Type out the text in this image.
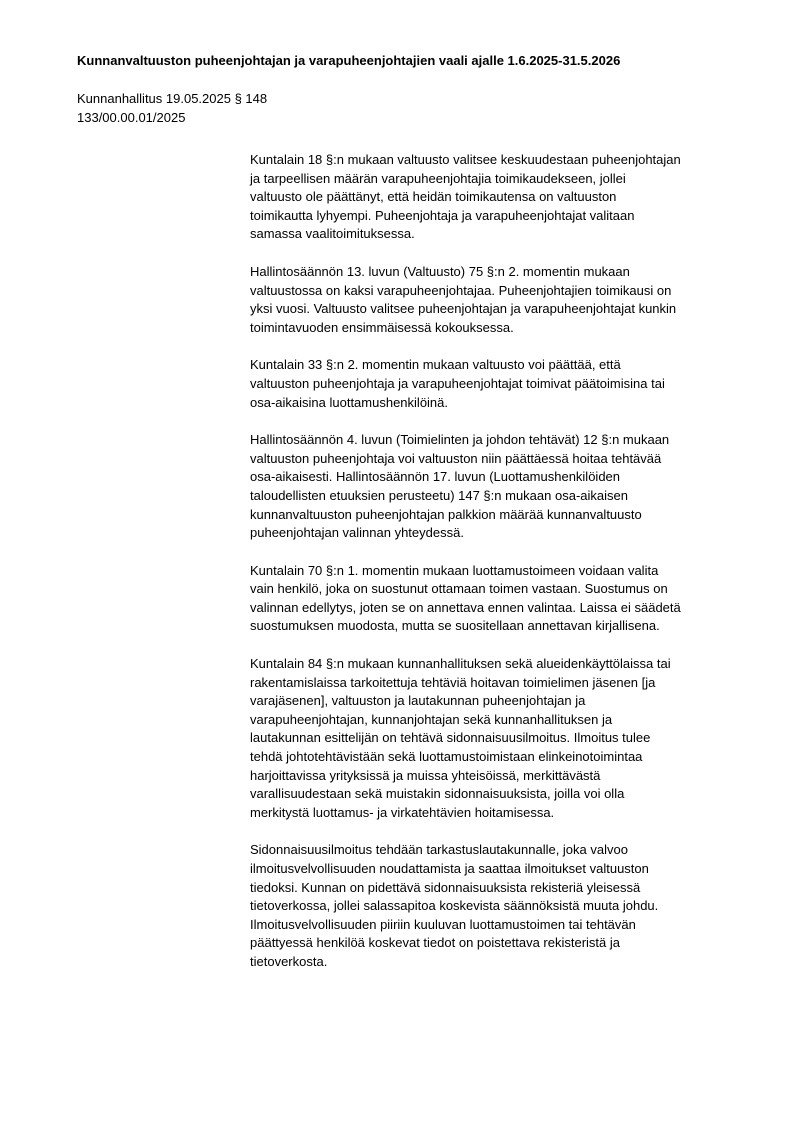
Kunnanvaltuuston puheenjohtajan ja varapuheenjohtajien vaali ajalle 1.6.2025-31.5.2026
Kunnanhallitus 19.05.2025 § 148
133/00.00.01/2025
Kuntalain 18 §:n mukaan valtuusto valitsee keskuudestaan puheenjohtajan
ja tarpeellisen määrän varapuheenjohtajia toimikaudekseen, jollei
valtuusto ole päättänyt, että heidän toimikautensa on valtuuston
toimikautta lyhyempi. Puheenjohtaja ja varapuheenjohtajat valitaan
samassa vaalitoimituksessa.
Hallintosäännön 13. luvun (Valtuusto) 75 §:n 2. momentin mukaan
valtuustossa on kaksi varapuheenjohtajaa. Puheenjohtajien toimikausi on
yksi vuosi. Valtuusto valitsee puheenjohtajan ja varapuheenjohtajat kunkin
toimintavuoden ensimmäisessä kokouksessa.
Kuntalain 33 §:n 2. momentin mukaan valtuusto voi päättää, että
valtuuston puheenjohtaja ja varapuheenjohtajat toimivat päätoimisina tai
osa-aikaisina luottamushenkilöinä.
Hallintosäännön 4. luvun (Toimielinten ja johdon tehtävät) 12 §:n mukaan
valtuuston puheenjohtaja voi valtuuston niin päättäessä hoitaa tehtävää
osa-aikaisesti. Hallintosäännön 17. luvun (Luottamushenkilöiden
taloudellisten etuuksien perusteetu) 147 §:n mukaan osa-aikaisen
kunnanvaltuuston puheenjohtajan palkkion määrää kunnanvaltuusto
puheenjohtajan valinnan yhteydessä.
Kuntalain 70 §:n 1. momentin mukaan luottamustoimeen voidaan valita
vain henkilö, joka on suostunut ottamaan toimen vastaan. Suostumus on
valinnan edellytys, joten se on annettava ennen valintaa. Laissa ei säädetä
suostumuksen muodosta, mutta se suositellaan annettavan kirjallisena.
Kuntalain 84 §:n mukaan kunnanhallituksen sekä alueidenkäyttölaissa tai
rakentamislaissa tarkoitettuja tehtäviä hoitavan toimielimen jäsenen [ja
varajäsenen], valtuuston ja lautakunnan puheenjohtajan ja
varapuheenjohtajan, kunnanjohtajan sekä kunnanhallituksen ja
lautakunnan esittelijän on tehtävä sidonnaisuusilmoitus. Ilmoitus tulee
tehdä johtotehtävistään sekä luottamustoimistaan elinkeinotoimintaa
harjoittavissa yrityksissä ja muissa yhteisöissä, merkittävästä
varallisuudestaan sekä muistakin sidonnaisuuksista, joilla voi olla
merkitystä luottamus- ja virkatehtävien hoitamisessa.
Sidonnaisuusilmoitus tehdään tarkastuslautakunnalle, joka valvoo
ilmoitusvelvollisuuden noudattamista ja saattaa ilmoitukset valtuuston
tiedoksi. Kunnan on pidettävä sidonnaisuuksista rekisteriä yleisessä
tietoverkossa, jollei salassapitoa koskevista säännöksistä muuta johdu.
Ilmoitusvelvollisuuden piiriin kuuluvan luottamustoimen tai tehtävän
päättyessä henkilöä koskevat tiedot on poistettava rekisteristä ja
tietoverkosta.
